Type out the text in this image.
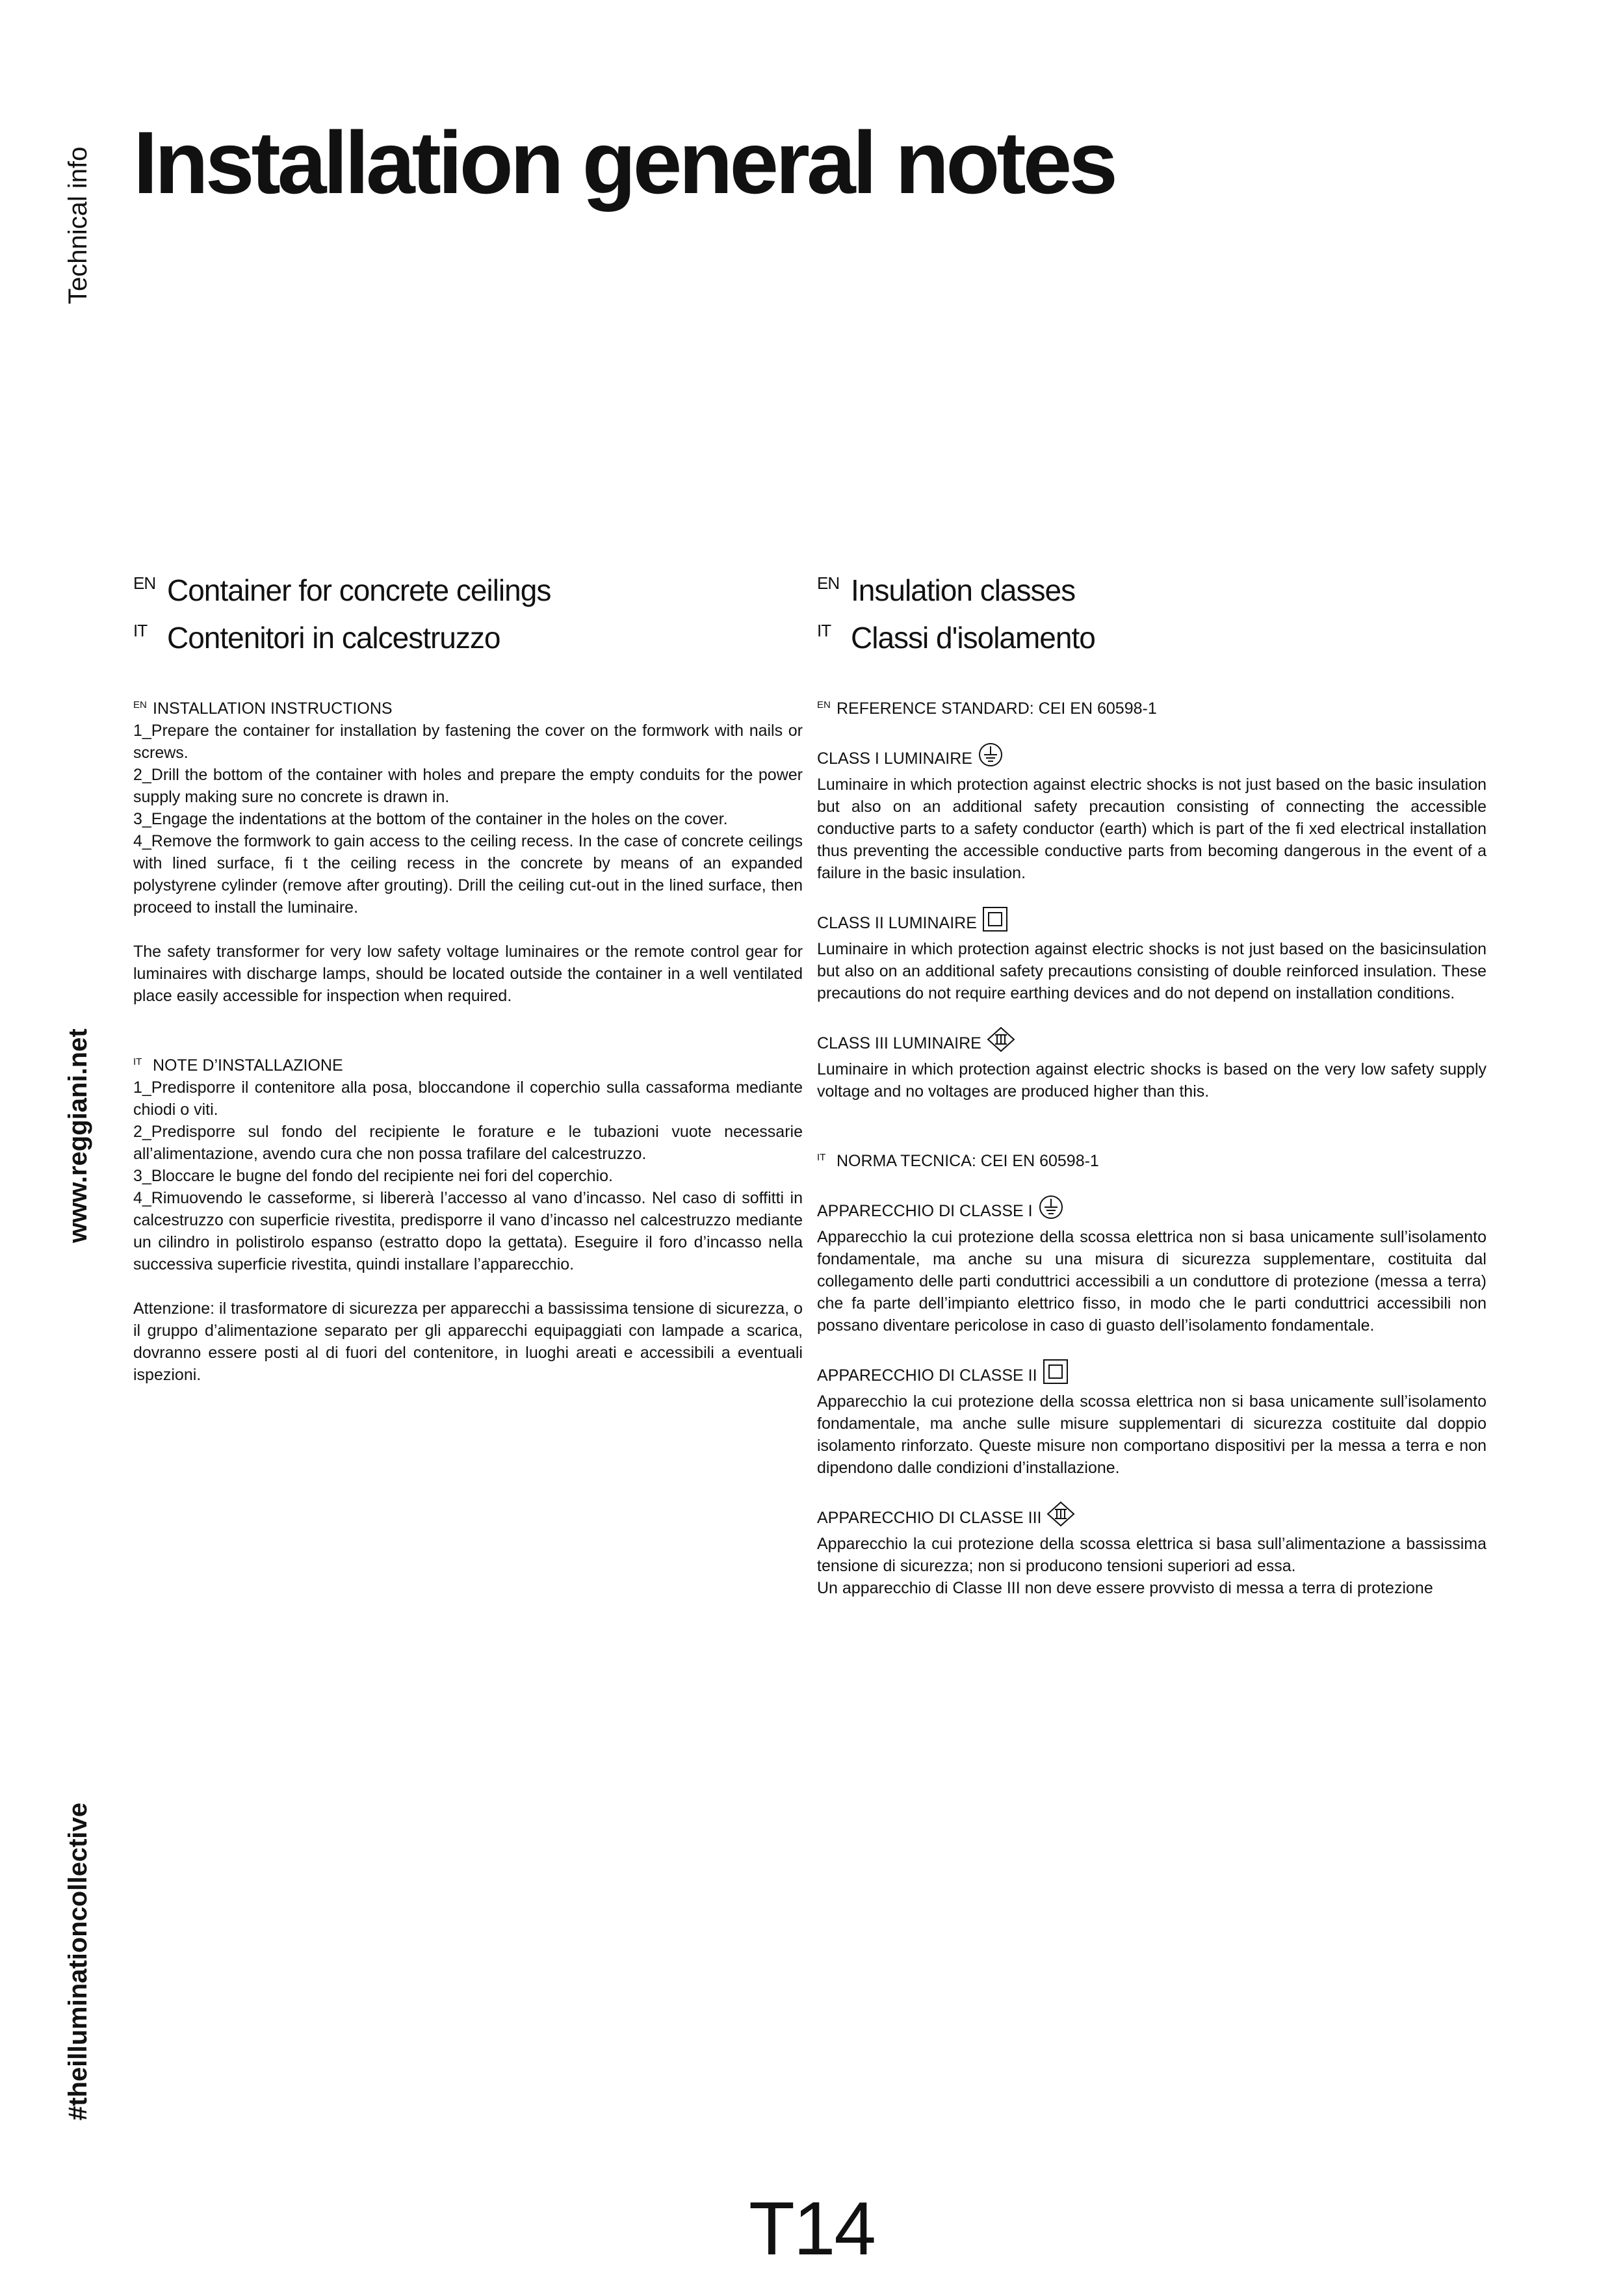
Technical info
www.reggiani.net
#theilluminationcollective
Installation general notes
EN Container for concrete ceilings
IT Contenitori in calcestruzzo

EN INSTALLATION INSTRUCTIONS

1_Prepare the container for installation by fastening the cover on the formwork with nails or screws.

2_Drill the bottom of the container with holes and prepare the empty conduits for the power supply making sure no concrete is drawn in.

3_Engage the indentations at the bottom of the container in the holes on the cover.

4_Remove the formwork to gain access to the ceiling recess. In the case of concrete ceilings with lined surface, fi t the ceiling recess in the concrete by means of an expanded polystyrene cylinder (remove after grouting). Drill the ceiling cut-out in the lined surface, then proceed to install the luminaire.

The safety transformer for very low safety voltage luminaires or the remote control gear for luminaires with discharge lamps, should be located outside the container in a well ventilated place easily accessible for inspection when required.

IT NOTE D’INSTALLAZIONE

1_Predisporre il contenitore alla posa, bloccandone il coperchio sulla cassaforma mediante chiodi o viti.

2_Predisporre sul fondo del recipiente le forature e le tubazioni vuote necessarie all’alimentazione, avendo cura che non possa trafilare del calcestruzzo.

3_Bloccare le bugne del fondo del recipiente nei fori del coperchio.

4_Rimuovendo le casseforme, si libererà l’accesso al vano d’incasso. Nel caso di soffitti in calcestruzzo con superficie rivestita, predisporre il vano d’incasso nel calcestruzzo mediante un cilindro in polistirolo espanso (estratto dopo la gettata). Eseguire il foro d’incasso nella successiva superficie rivestita, quindi installare l’apparecchio.

Attenzione: il trasformatore di sicurezza per apparecchi a bassissima tensione di sicurezza, o il gruppo d’alimentazione separato per gli apparecchi equipaggiati con lampade a scarica, dovranno essere posti al di fuori del contenitore, in luoghi areati e accessibili a eventuali ispezioni.

EN Insulation classes
IT Classi d'isolamento

EN REFERENCE STANDARD: CEI EN 60598-1

CLASS I LUMINAIRE

Luminaire in which protection against electric shocks is not just based on the basic insulation but also on an additional safety precaution consisting of connecting the accessible conductive parts to a safety conductor (earth) which is part of the fi xed electrical installation thus preventing the accessible conductive parts from becoming dangerous in the event of a failure in the basic insulation.

CLASS II LUMINAIRE

Luminaire in which protection against electric shocks is not just based on the basicinsulation but also on an additional safety precautions consisting of double reinforced insulation. These precautions do not require earthing devices and do not depend on installation conditions.

CLASS III LUMINAIRE

Luminaire in which protection against electric shocks is based on the very low safety supply voltage and no voltages are produced higher than this.

IT NORMA TECNICA: CEI EN 60598-1

APPARECCHIO DI CLASSE I

Apparecchio la cui protezione della scossa elettrica non si basa unicamente sull’isolamento fondamentale, ma anche su una misura di sicurezza supplementare, costituita dal collegamento delle parti conduttrici accessibili a un conduttore di protezione (messa a terra) che fa parte dell’impianto elettrico fisso, in modo che le parti conduttrici accessibili non possano diventare pericolose in caso di guasto dell’isolamento fondamentale.

APPARECCHIO DI CLASSE II

Apparecchio la cui protezione della scossa elettrica non si basa unicamente sull’isolamento fondamentale, ma anche sulle misure supplementari di sicurezza costituite dal doppio isolamento rinforzato. Queste misure non comportano dispositivi per la messa a terra e non dipendono dalle condizioni d’installazione.

APPARECCHIO DI CLASSE III

Apparecchio la cui protezione della scossa elettrica si basa sull’alimentazione a bassissima tensione di sicurezza; non si producono tensioni superiori ad essa.

Un apparecchio di Classe III non deve essere provvisto di messa a terra di protezione

T14
